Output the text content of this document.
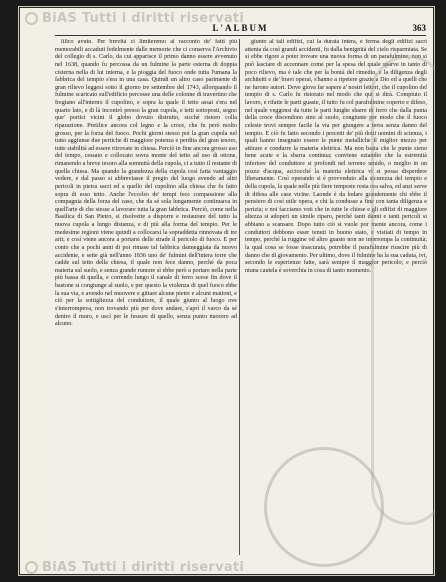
BiAS Tutti i diritti riservati
L'ALBUM	363

lilico avuto. Per brevità ci limiteremo al racconto de' fatti più memorabili accaduti fedelmente dalle memorie che ci conserva l'Archivio del collegio di s. Carlo, da cui apparisce il primo danno essere avvenuto nel 1638, quando fu percossa da un fulmine la parte esterna di doppia cisterna nella di lui interna, e la pioggia del fuoco onde tutta l'umana la fabbrica del tempio s'era in una casa. Quindi un altro caso parimente di gran rilievo leggesi sotto il giorno tre settembre del 1743, allorquando il fulmine scaricato sull'edificio percosse una delle colonne di travertino che fregiano all'interno il cupolino, e sopra la quale il tetto assai s'era nel quarto lato, e di là incontrò presso la gran cupola, e tetti sottoposti, segno que' portici vicini il globo dovuto distrutto, sicché ristoro colla riparazione. Pretilice ancora col legno e la croce, che fu però molto grosso, per la forza del fuoco. Pochi giorni stesso poi la gran cupola nel tutto aggiunse due pertiche di maggiore potenza e perdita del gran tesoro, tutte stabilità ad essere ritrovate in chiesa. Perciò in fine ancora grosso uso del tempo, cessato e collocato sovra monte del tetto ad uso di ottone, rimanendo a breve tesoro alla sommità della cupola, ci a tutto il restante di quella chiesa. Ma quando la grandezza della cupola così fatta vantaggio vedere, e dal passo si abbreviasse il pregio del luogo avendo ad altri pericoli in pietra sacri ed a quello del cupolino alla chiesa che fu fatto sopra di esso tetto. Anche l'eccelso de' tempi fece compassione alla compagnia della forza del caso, che da sé sola lungamente continuava in quell'arte di che stesse a lavorare tutta la gran fabbrica. Perciò, come nella Basilica di San Pietro, si risolvette a disporre e restaurare del tutto la nuova cupola a lungo distanza, e di più alla forma del tempio. Per le medesime regioni viene quindi a collocarsi la sopraddetta rinnovata di tre arti; e così viene ancora a portarsi delle strade il pericolo di fuoco. E per conto che a pochi anni di poi rimase tal fabbrica danneggiata da nuovo accidente, e sette già nell'anno 1836 uno de' fulmini dell'intera torre che cadde sul tetto della chiesa, il quale non fece danno, perché da poca materia sul suolo, e senza grande rumore sì ebbe però a portare nella parte più bassa di quella, e correndo lungo il canale di ferro scese fin dove il bastone si congiunge al suolo, e per questo la violenza di quel fuoco ebbe la sua via, e avendo nel muovere e gittare alcune pietre e alcuni mattoni, e ciò per la sottigliezza del conduttore, il quale giunto al luogo ove s'interrompeva, non trovando più per dove andare, s'aprì il varco da sé dentro il muro, e uscì per le fessure di quello, senza punto nuocere ad alcuno.

giunto al tali edifizi, cui la durata intera, e ferma degli edifizi sacri attenta da così grandi accidenti, fu dalla benignità del cielo risparmiata. Se si ebbe rigore a poter trovare una nuova forma di un parafulmine, non si può lasciare di accennare come per la spesa del quale sparve in tanto di poco rilievo, ma è tale che per la bontà del rimedio, e la diligenza degli architetti e de' bravi operai, s'hanno a ripetere grazie a Dio ed a quelli che ne furono autori. Dove giova far sapere a' nostri lettori, che il cupolino del tempio di s. Carlo fu ristorato nel modo che qui si dirà. Compiuto il lavoro, e rifatte le parti guaste, il tutto fu col parafulmine coperto e difeso, nel quale veggonsi da tutte le parti lunghe sbarre di ferro che dalla punta della croce discendono sino al suolo, congiunte per modo che il fuoco celeste trovi sempre facile la via per giungere a terra senza danno del tempio. E ciò fu fatto secondo i precetti de' più dotti uomini di scienza, i quali hanno insegnato essere le punte metalliche il miglior mezzo per attirare e condurre la materia elettrica. Ma non basta che le punte sieno bene acute e la sbarra continua; conviene eziandio che la estremità inferiore del conduttore si profondi nel terreno umido, o meglio in un pozzo d'acqua, acciocché la materia elettrica vi si possa disperdere liberamente. Così operando si è provveduto alla sicurezza del tempio e della cupola, la quale nelle più fiere tempeste resta ora salva, ed anzi serve di difesa alle case vicine. Laonde è da lodare grandemente chi ebbe il pensiero di così utile opera, e chi la condusse a fine con tanta diligenza e perizia; e noi facciamo voti che in tutte le chiese e gli edifizi di maggiore altezza si adoperi un simile riparo, perché tanti danni e tanti pericoli si abbiano a scansare. Dopo tutto ciò si vuole por mente ancora, come i conduttori debbono esser tenuti in buono stato, e visitati di tempo in tempo, perché la ruggine od altro guasto non ne interrompa la continuità; la qual cosa se fosse trascurata, potrebbe il parafulmine riuscire più di danno che di giovamento. Per ultimo, dove il fulmine ha la sua caduta, ivi, secondo le esperienze fatte, sarà sempre il maggior pericolo; e perciò niuna cautela è soverchia in cosa di tanto momento.

BiAS Tutti i diritti riservati
